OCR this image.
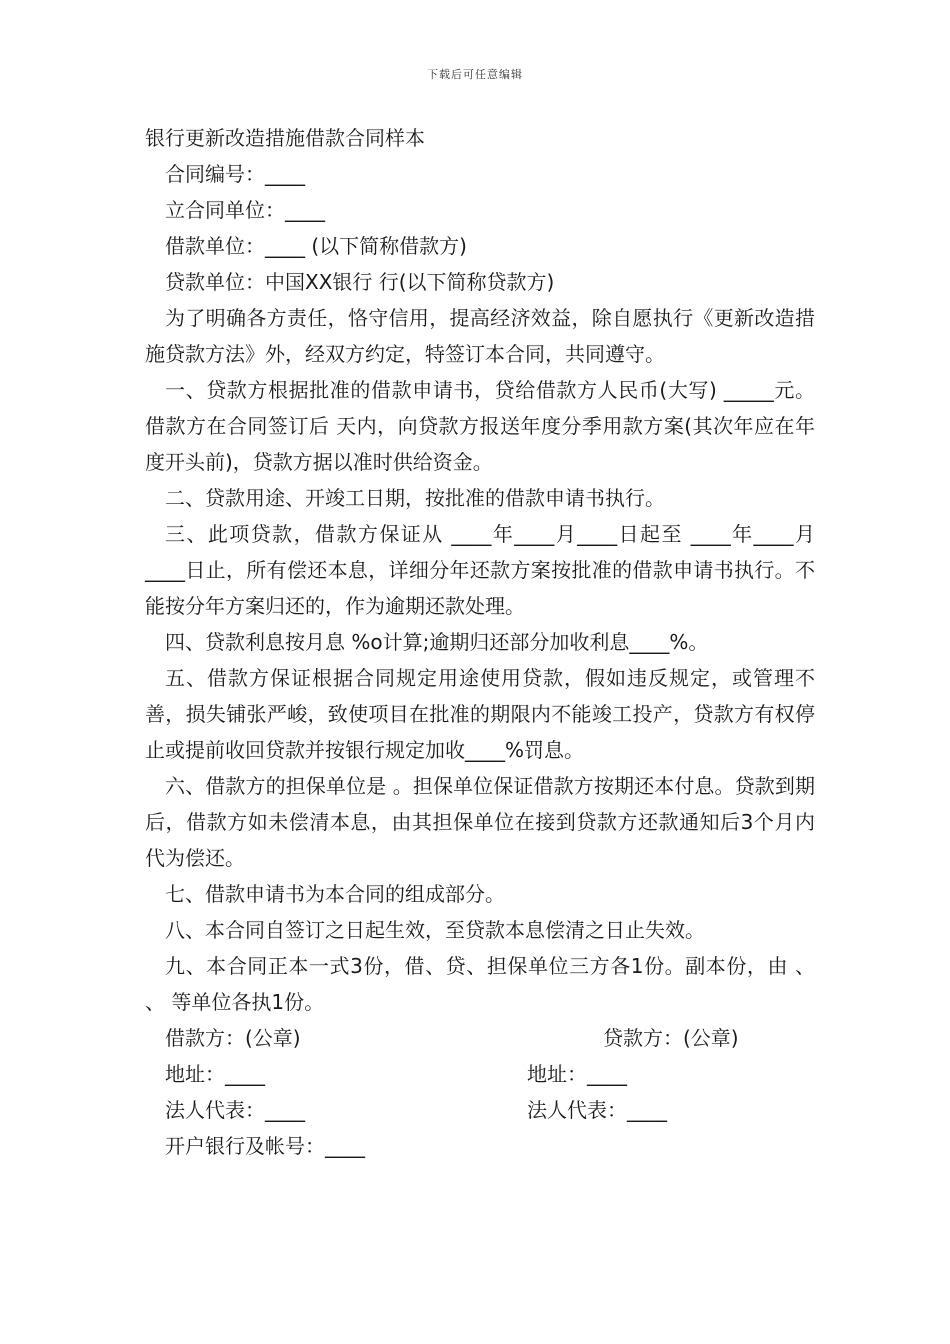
下载后可任意编辑

银行更新改造措施借款合同样本

合同编号：____
立合同单位：____
借款单位：____ (以下简称借款方)
贷款单位：中国XX银行 行(以下简称贷款方)

为了明确各方责任，恪守信用，提高经济效益，除自愿执行《更新改造措施贷款方法》外，经双方约定，特签订本合同，共同遵守。

一、贷款方根据批准的借款申请书，贷给借款方人民币(大写) _____元。借款方在合同签订后 天内，向贷款方报送年度分季用款方案(其次年应在年度开头前)，贷款方据以准时供给资金。

二、贷款用途、开竣工日期，按批准的借款申请书执行。

三、此项贷款，借款方保证从 ____年____月____日起至 ____年____月____日止，所有偿还本息，详细分年还款方案按批准的借款申请书执行。不能按分年方案归还的，作为逾期还款处理。

四、贷款利息按月息 %o计算;逾期归还部分加收利息____%。

五、借款方保证根据合同规定用途使用贷款，假如违反规定，或管理不善，损失铺张严峻，致使项目在批准的期限内不能竣工投产，贷款方有权停止或提前收回贷款并按银行规定加收____%罚息。

六、借款方的担保单位是 。担保单位保证借款方按期还本付息。贷款到期后，借款方如未偿清本息，由其担保单位在接到贷款方还款通知后3个月内代为偿还。

七、借款申请书为本合同的组成部分。

八、本合同自签订之日起生效，至贷款本息偿清之日止失效。

九、本合同正本一式3份，借、贷、担保单位三方各1份。副本份，由 、 、 等单位各执1份。

借款方：(公章)	贷款方：(公章)
地址：____	地址：____
法人代表：____	法人代表：____
开户银行及帐号：____
